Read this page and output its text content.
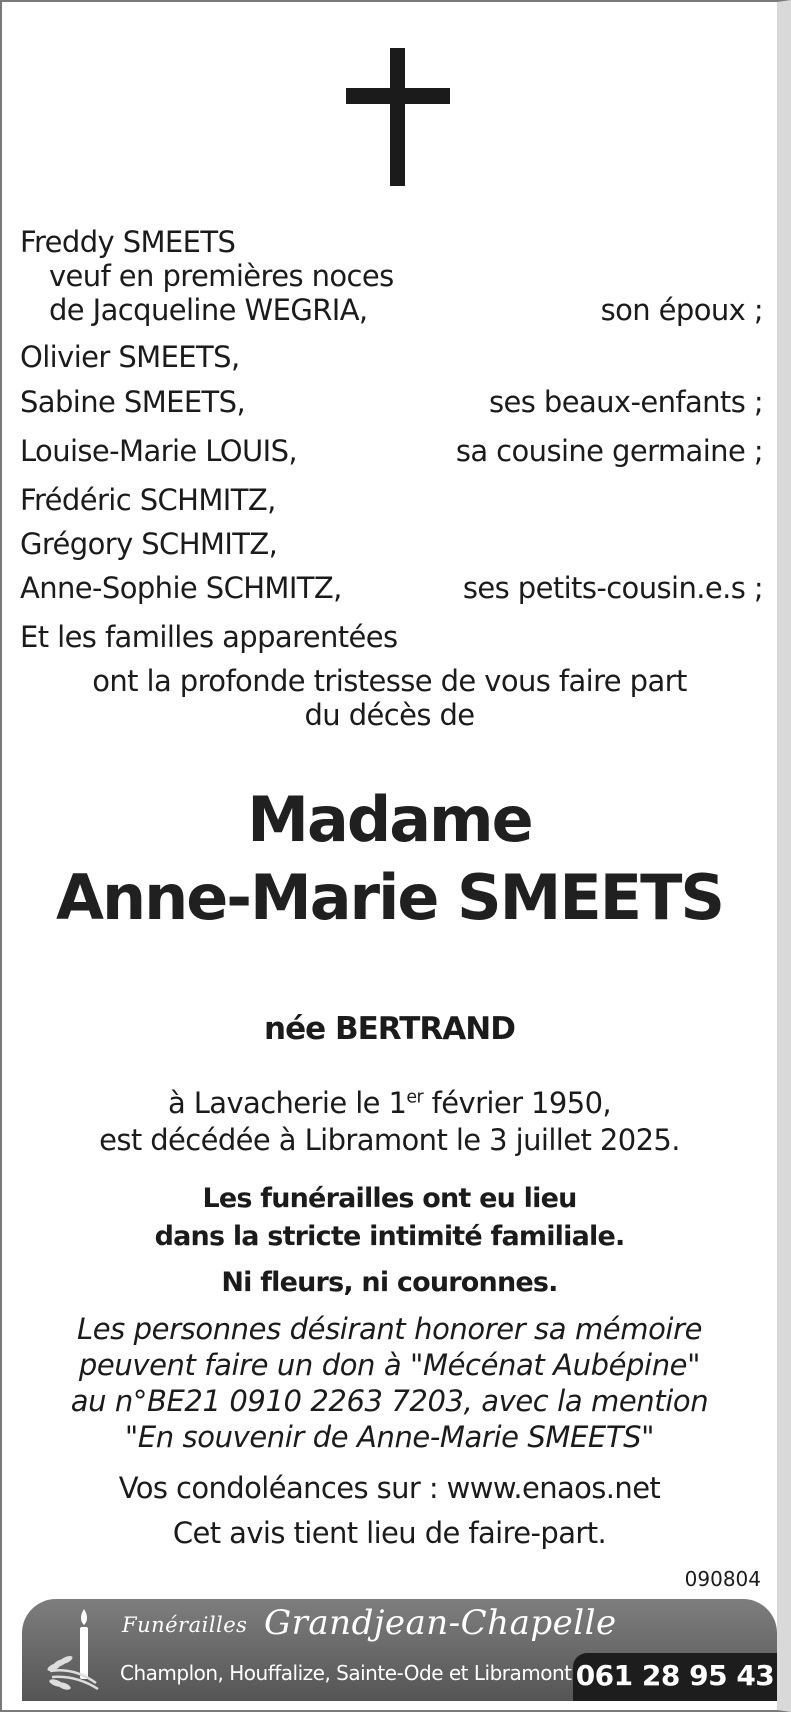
Freddy SMEETS
veuf en premières noces
de Jacqueline WEGRIA,	son époux ;
Olivier SMEETS,
Sabine SMEETS,	ses beaux-enfants ;
Louise-Marie LOUIS,	sa cousine germaine ;
Frédéric SCHMITZ,
Grégory SCHMITZ,
Anne-Sophie SCHMITZ,	ses petits-cousin.e.s ;
Et les familles apparentées
ont la profonde tristesse de vous faire part
du décès de
Madame
Anne-Marie SMEETS
née BERTRAND
à Lavacherie le 1er février 1950,
est décédée à Libramont le 3 juillet 2025.
Les funérailles ont eu lieu
dans la stricte intimité familiale.
Ni fleurs, ni couronnes.
Les personnes désirant honorer sa mémoire
peuvent faire un don à "Mécénat Aubépine"
au n°BE21 0910 2263 7203, avec la mention
"En souvenir de Anne-Marie SMEETS"
Vos condoléances sur : www.enaos.net
Cet avis tient lieu de faire-part.
090804
Funérailles Grandjean-Chapelle
Champlon, Houffalize, Sainte-Ode et Libramont 061 28 95 43
